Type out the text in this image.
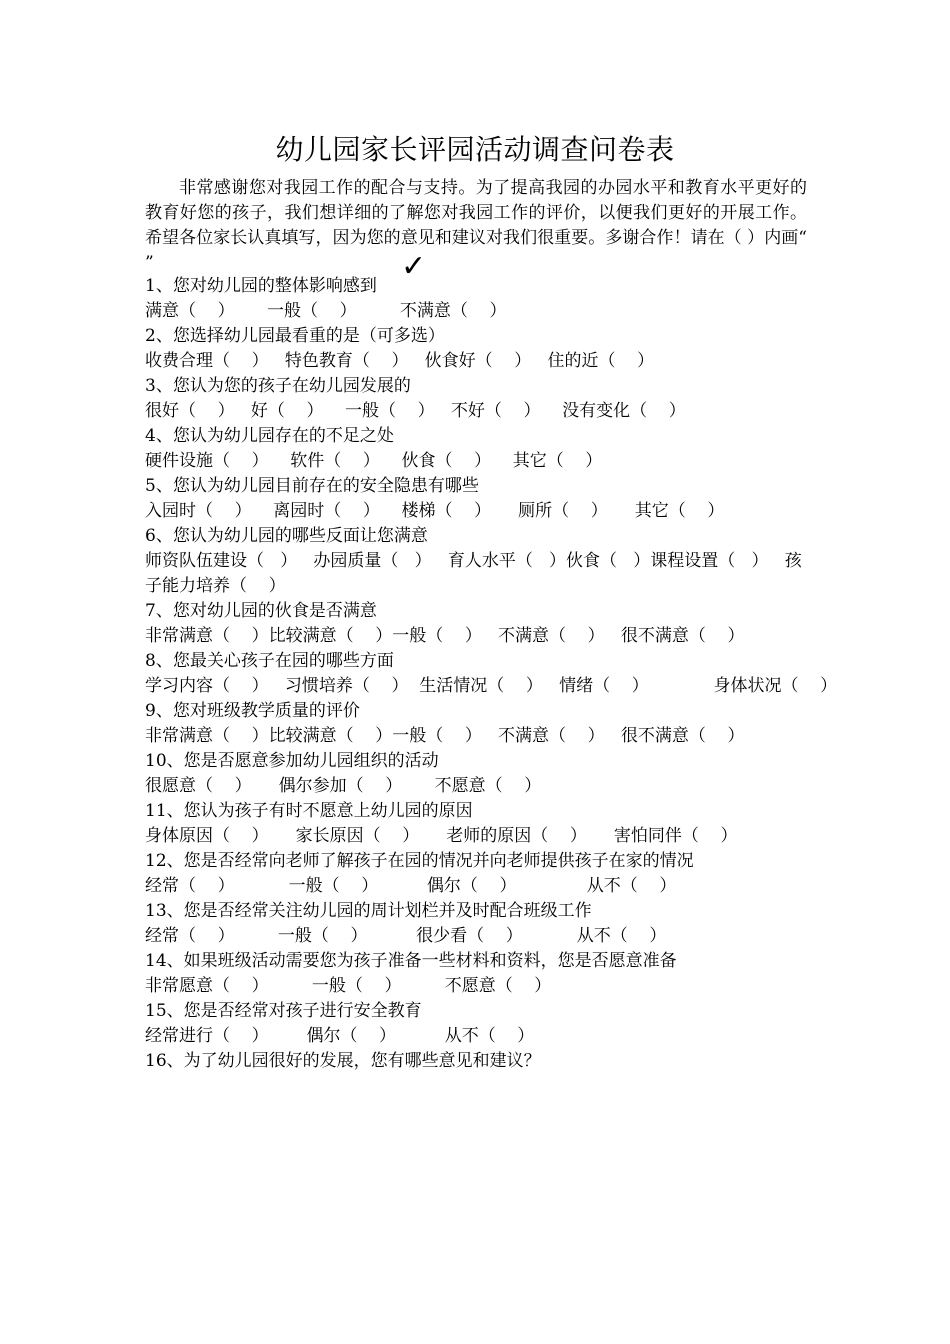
幼儿园家长评园活动调查问卷表

非常感谢您对我园工作的配合与支持。为了提高我园的办园水平和教育水平更好的教育好您的孩子，我们想详细的了解您对我园工作的评价，以便我们更好的开展工作。希望各位家长认真填写，因为您的意见和建议对我们很重要。多谢合作！请在（ ）内画“ ”	✓
1、您对幼儿园的整体影响感到
满意（    ）      一般（    ）        不满意（    ）
2、您选择幼儿园最看重的是（可多选）
收费合理（    ）   特色教育（    ）   伙食好（    ）   住的近（    ）
3、您认为您的孩子在幼儿园发展的
很好（    ）   好（    ）    一般（    ）   不好（    ）    没有变化（    ）
4、您认为幼儿园存在的不足之处
硬件设施（    ）    软件（    ）    伙食（    ）    其它（    ）
5、您认为幼儿园目前存在的安全隐患有哪些
入园时（    ）    离园时（    ）    楼梯（    ）     厕所（    ）     其它（    ）
6、您认为幼儿园的哪些反面让您满意
师资队伍建设（   ）   办园质量（   ）   育人水平（   ）伙食（   ）课程设置（   ）   孩
子能力培养（    ）
7、您对幼儿园的伙食是否满意
非常满意（    ）比较满意（    ）一般（    ）   不满意（    ）   很不满意（    ）
8、您最关心孩子在园的哪些方面
学习内容（    ）   习惯培养（    ）  生活情况（    ）   情绪（    ）            身体状况（    ）
9、您对班级教学质量的评价
非常满意（    ）比较满意（    ）一般（    ）   不满意（    ）   很不满意（    ）
10、您是否愿意参加幼儿园组织的活动
很愿意（    ）     偶尔参加（    ）      不愿意（    ）
11、您认为孩子有时不愿意上幼儿园的原因
身体原因（    ）     家长原因（    ）     老师的原因（    ）     害怕同伴（    ）
12、您是否经常向老师了解孩子在园的情况并向老师提供孩子在家的情况
经常（    ）          一般（    ）         偶尔（    ）             从不（    ）
13、您是否经常关注幼儿园的周计划栏并及时配合班级工作
经常（    ）        一般（    ）         很少看（    ）          从不（    ）
14、如果班级活动需要您为孩子准备一些材料和资料，您是否愿意准备
非常愿意（    ）        一般（    ）        不愿意（    ）
15、您是否经常对孩子进行安全教育
经常进行（    ）       偶尔（    ）         从不（    ）
16、为了幼儿园很好的发展，您有哪些意见和建议？
